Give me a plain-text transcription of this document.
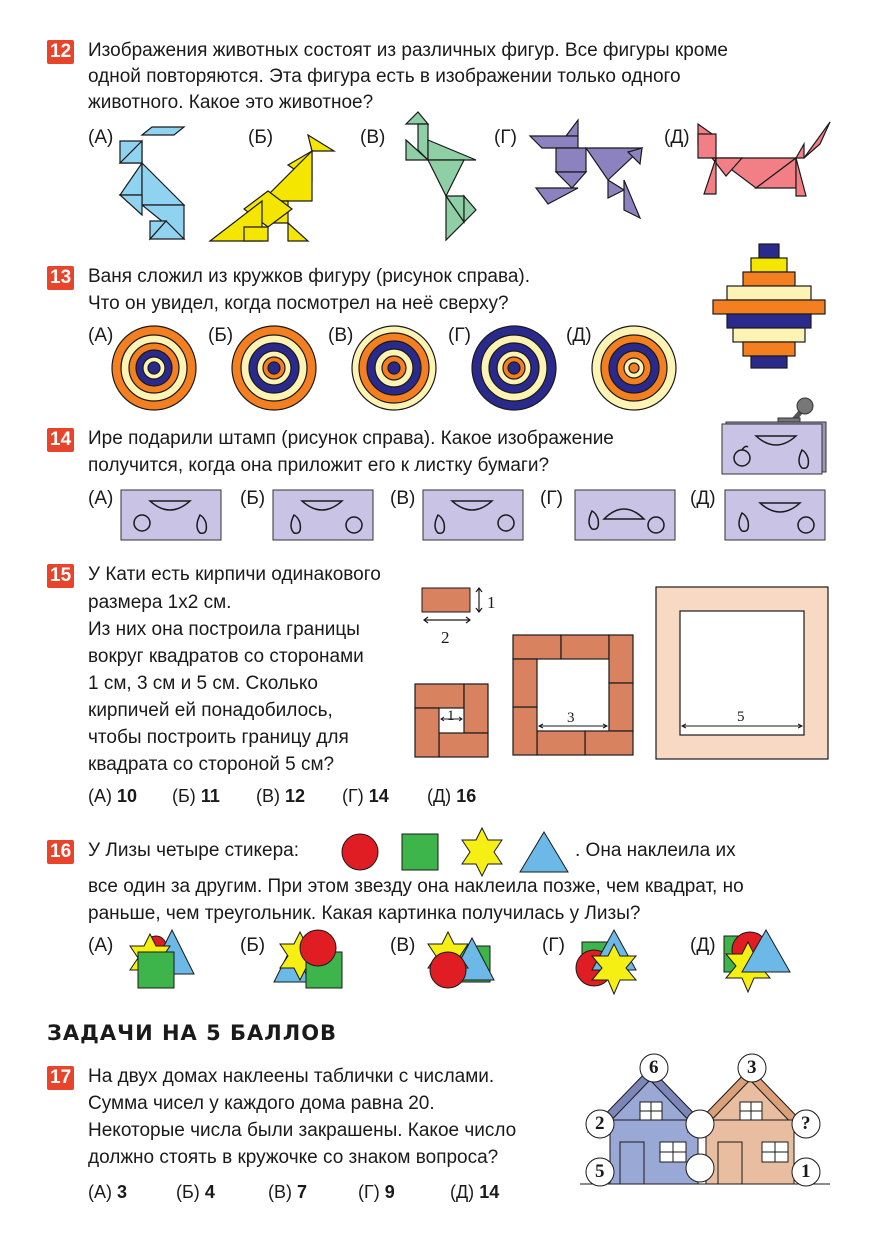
12 Изображения животных состоят из различных фигур. Все фигуры кроме
одной повторяются. Эта фигура есть в изображении только одного
животного. Какое это животное?
(А)	(Б)	(В)	(Г)	(Д)
13 Ваня сложил из кружков фигуру (рисунок справа).
Что он увидел, когда посмотрел на неё сверху?
(А)	(Б)	(В)	(Г)	(Д)
14 Ире подарили штамп (рисунок справа). Какое изображение
получится, когда она приложит его к листку бумаги?
(А)	(Б)	(В)	(Г)	(Д)
15 У Кати есть кирпичи одинакового
размера 1х2 см.
Из них она построила границы
вокруг квадратов со сторонами
1 см, 3 см и 5 см. Сколько
кирпичей ей понадобилось,
чтобы построить границу для
квадрата со стороной 5 см?
1
2
1	3	5
(А) 10 (Б) 11 (В) 12 (Г) 14 (Д) 16
16 У Лизы четыре стикера:	. Она наклеила их
все один за другим. При этом звезду она наклеила позже, чем квадрат, но
раньше, чем треугольник. Какая картинка получилась у Лизы?
(А)	(Б)	(В)	(Г)	(Д)
ЗАДАЧИ НА 5 БАЛЛОВ
17 На двух домах наклеены таблички с числами.
Сумма чисел у каждого дома равна 20.
Некоторые числа были закрашены. Какое число
должно стоять в кружочке со знаком вопроса?
(А) 3	(Б) 4	(В) 7	(Г) 9	(Д) 14
6	3
2	?
5	1
